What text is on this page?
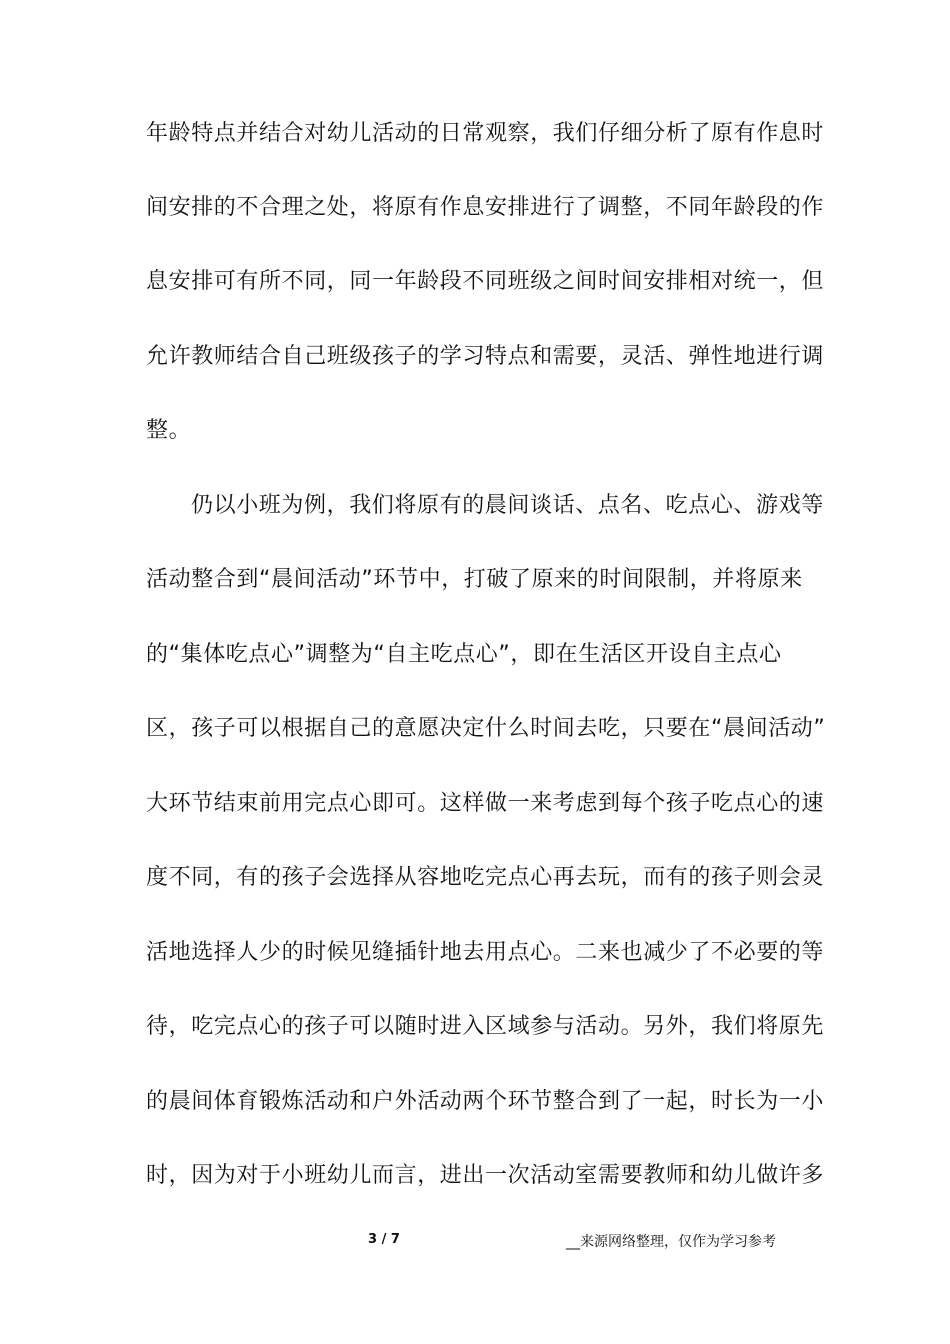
年龄特点并结合对幼儿活动的日常观察，我们仔细分析了原有作息时
间安排的不合理之处，将原有作息安排进行了调整，不同年龄段的作
息安排可有所不同，同一年龄段不同班级之间时间安排相对统一，但
允许教师结合自己班级孩子的学习特点和需要，灵活、弹性地进行调
整。
仍以小班为例，我们将原有的晨间谈话、点名、吃点心、游戏等
活动整合到“晨间活动”环节中，打破了原来的时间限制，并将原来
的“集体吃点心”调整为“自主吃点心”，即在生活区开设自主点心
区，孩子可以根据自己的意愿决定什么时间去吃，只要在“晨间活动”
大环节结束前用完点心即可。这样做一来考虑到每个孩子吃点心的速
度不同，有的孩子会选择从容地吃完点心再去玩，而有的孩子则会灵
活地选择人少的时候见缝插针地去用点心。二来也减少了不必要的等
待，吃完点心的孩子可以随时进入区域参与活动。另外，我们将原先
的晨间体育锻炼活动和户外活动两个环节整合到了一起，时长为一小
时，因为对于小班幼儿而言，进出一次活动室需要教师和幼儿做许多
3 / 7	__来源网络整理，仅作为学习参考
